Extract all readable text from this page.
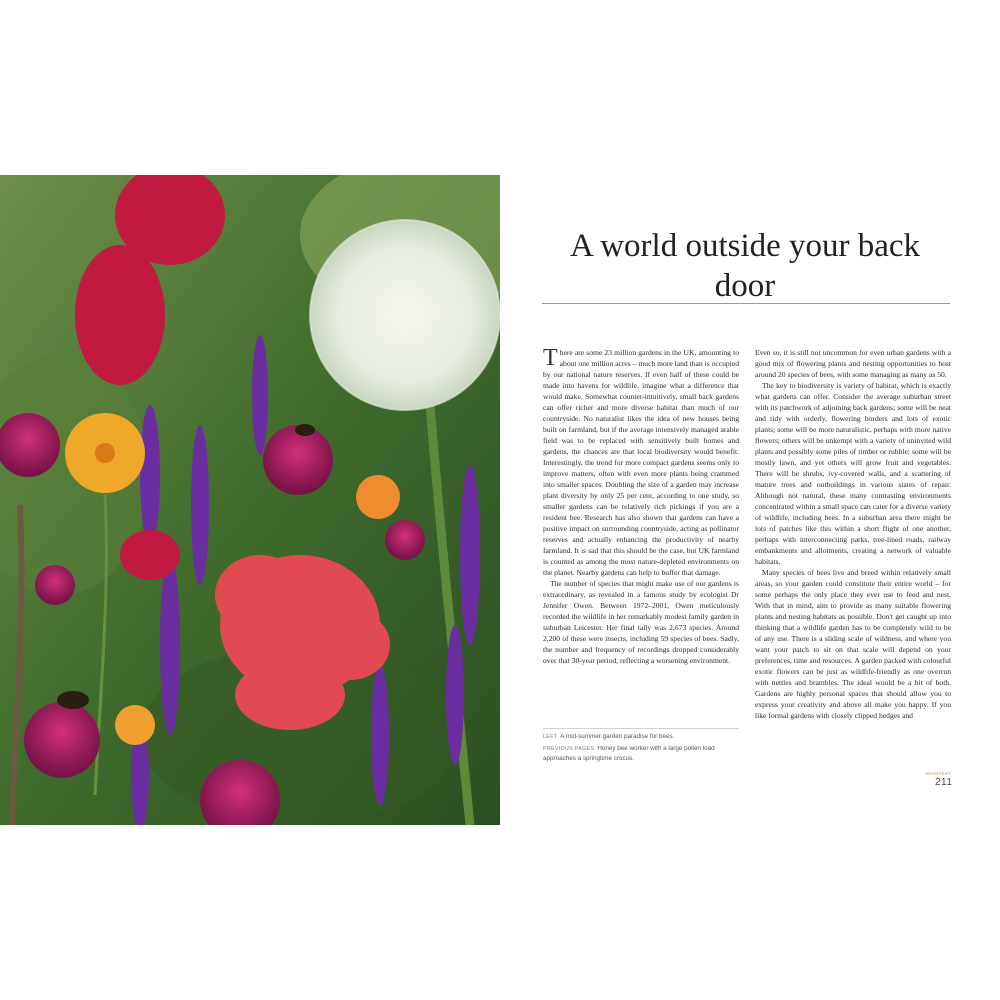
A world outside your back door

There are some 23 million gardens in the UK, amounting to about one million acres – much more land than is occupied by our national nature reserves. If even half of these could be made into havens for wildlife, imagine what a difference that would make. Somewhat counter-intuitively, small back gardens can offer richer and more diverse habitat than much of our countryside. No naturalist likes the idea of new houses being built on farmland, but if the average intensively managed arable field was to be replaced with sensitively built homes and gardens, the chances are that local biodiversity would benefit. Interestingly, the trend for more compact gardens seems only to improve matters, often with even more plants being crammed into smaller spaces. Doubling the size of a garden may increase plant diversity by only 25 per cent, according to one study, so smaller gardens can be relatively rich pickings if you are a resident bee. Research has also shown that gardens can have a positive impact on surrounding countryside, acting as pollinator reserves and actually enhancing the productivity of nearby farmland. It is sad that this should be the case, but UK farmland is counted as among the most nature-depleted environments on the planet. Nearby gardens can help to buffer that damage.

The number of species that might make use of our gardens is extraordinary, as revealed in a famous study by ecologist Dr Jennifer Owen. Between 1972–2001, Owen meticulously recorded the wildlife in her remarkably modest family garden in suburban Leicester. Her final tally was 2,673 species. Around 2,200 of these were insects, including 59 species of bees. Sadly, the number and frequency of recordings dropped considerably over that 30-year period, reflecting a worsening environment.

LEFT A mid-summer garden paradise for bees.

PREVIOUS PAGES Honey bee worker with a large pollen load approaches a springtime crocus.

Even so, it is still not uncommon for even urban gardens with a good mix of flowering plants and nesting opportunities to host around 20 species of bees, with some managing as many as 50.

The key to biodiversity is variety of habitat, which is exactly what gardens can offer. Consider the average suburban street with its patchwork of adjoining back gardens; some will be neat and tidy with orderly, flowering borders and lots of exotic plants; some will be more naturalistic, perhaps with more native flowers; others will be unkempt with a variety of uninvited wild plants and possibly some piles of timber or rubble; some will be mostly lawn, and yet others will grow fruit and vegetables. There will be shrubs, ivy-covered walls, and a scattering of mature trees and outbuildings in various states of repair. Although not natural, these many contrasting environments concentrated within a small space can cater for a diverse variety of wildlife, including bees. In a suburban area there might be lots of patches like this within a short flight of one another, perhaps with interconnecting parks, tree-lined roads, railway embankments and allotments, creating a network of valuable habitats.

Many species of bees live and breed within relatively small areas, so your garden could constitute their entire world – for some perhaps the only place they ever use to feed and nest. With that in mind, aim to provide as many suitable flowering plants and nesting habitats as possible. Don't get caught up into thinking that a wildlife garden has to be completely wild to be of any use. There is a sliding scale of wildness, and where you want your patch to sit on that scale will depend on your preferences, time and resources. A garden packed with colourful exotic flowers can be just as wildlife-friendly as one overrun with nettles and brambles. The ideal would be a bit of both. Gardens are highly personal spaces that should allow you to express your creativity and above all make you happy. If you like formal gardens with closely clipped hedges and

MANIFEST
211
